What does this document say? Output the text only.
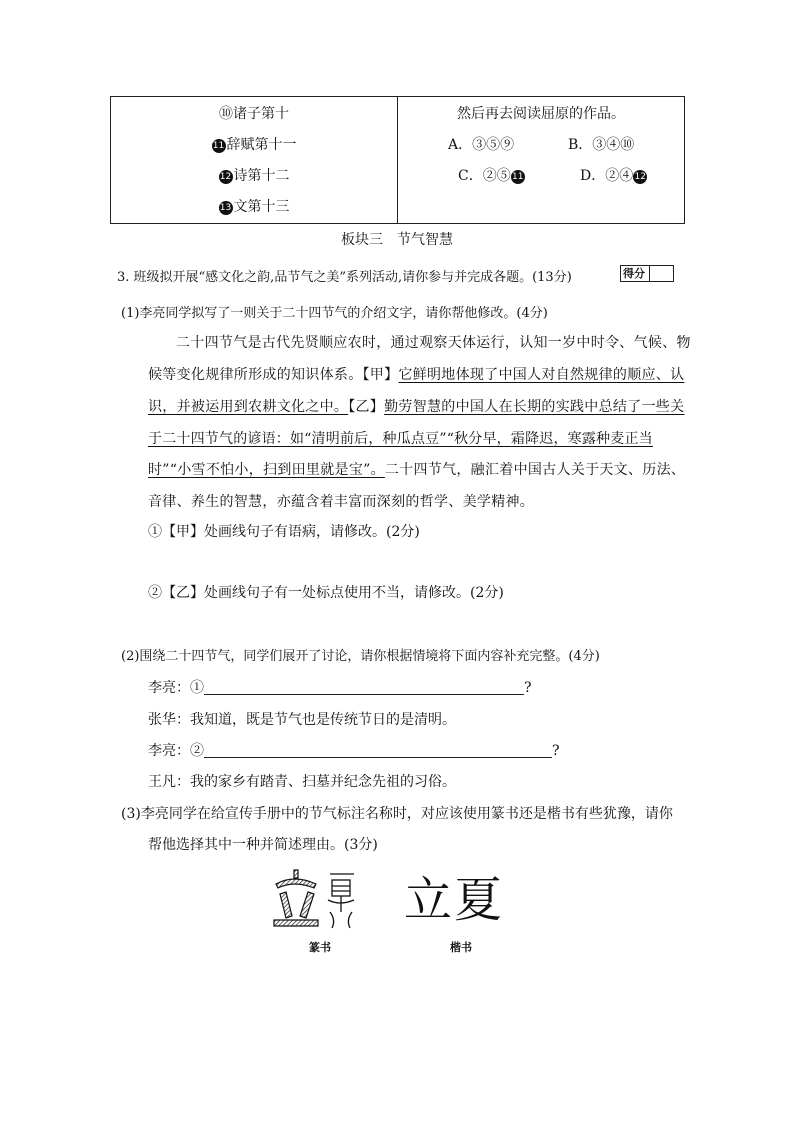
⑩诸子第十
11 辞赋第十一
12 诗第十二
13 文第十三

然后再去阅读屈原的作品。
A．③⑤⑨	B．③④⑩
C．②⑤11	D．②④12
板块三　节气智慧
3. 班级拟开展“感文化之韵,品节气之美”系列活动,请你参与并完成各题。(13分)	得分
(1)李亮同学拟写了一则关于二十四节气的介绍文字，请你帮他修改。(4分)
二十四节气是古代先贤顺应农时，通过观察天体运行，认知一岁中时令、气候、物
候等变化规律所形成的知识体系。【甲】它鲜明地体现了中国人对自然规律的顺应、认
识，并被运用到农耕文化之中。【乙】勤劳智慧的中国人在长期的实践中总结了一些关
于二十四节气的谚语：如“清明前后，种瓜点豆”“秋分早，霜降迟，寒露种麦正当
时”“小雪不怕小，扫到田里就是宝”。二十四节气，融汇着中国古人关于天文、历法、
音律、养生的智慧，亦蕴含着丰富而深刻的哲学、美学精神。
①【甲】处画线句子有语病，请修改。(2分)
②【乙】处画线句子有一处标点使用不当，请修改。(2分)
(2)围绕二十四节气，同学们展开了讨论，请你根据情境将下面内容补充完整。(4分)
李亮：①	?
张华：我知道，既是节气也是传统节日的是清明。
李亮：②	?
王凡：我的家乡有踏青、扫墓并纪念先祖的习俗。
(3)李亮同学在给宣传手册中的节气标注名称时，对应该使用篆书还是楷书有些犹豫，请你
帮他选择其中一种并简述理由。(3分)
立夏
篆书	楷书
